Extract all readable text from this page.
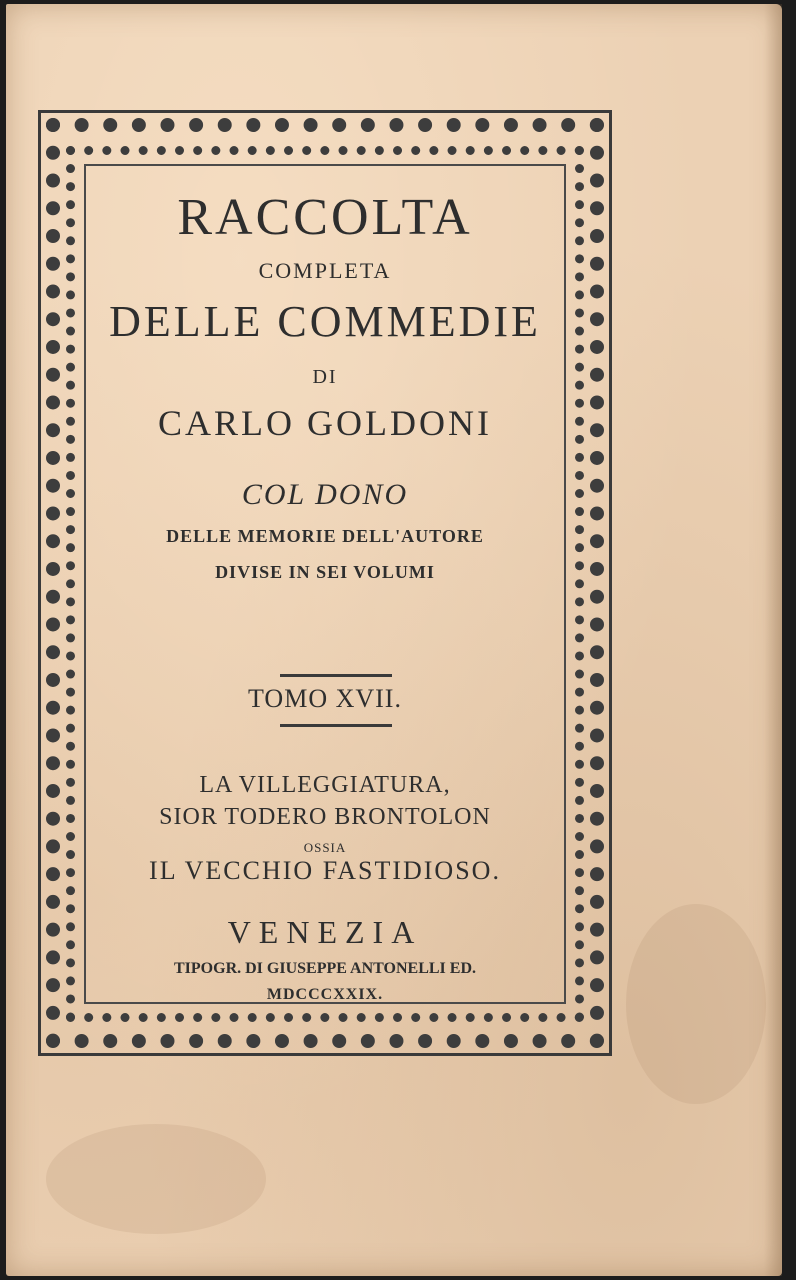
RACCOLTA
COMPLETA
DELLE COMMEDIE
DI
CARLO GOLDONI
COL DONO
DELLE MEMORIE DELL'AUTORE
DIVISE IN SEI VOLUMI
TOMO XVII.
LA VILLEGGIATURA,
SIOR TODERO BRONTOLON
OSSIA
IL VECCHIO FASTIDIOSO.
VENEZIA
TIPOGR. DI GIUSEPPE ANTONELLI ED.
MDCCCXXIX.
